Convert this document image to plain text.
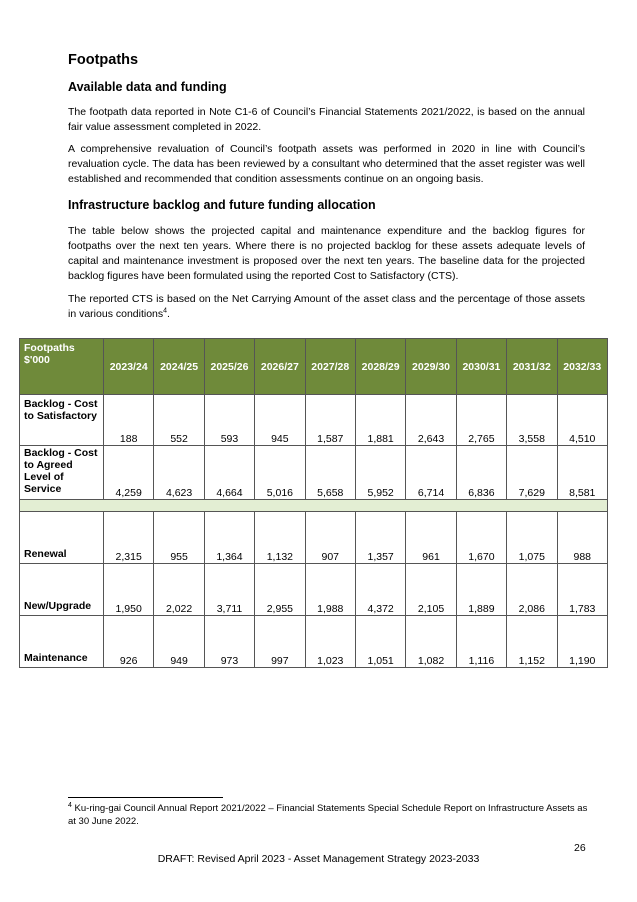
Footpaths
Available data and funding

The footpath data reported in Note C1-6 of Council’s Financial Statements 2021/2022, is based on the annual fair value assessment completed in 2022.

A comprehensive revaluation of Council’s footpath assets was performed in 2020 in line with Council’s revaluation cycle. The data has been reviewed by a consultant who determined that the asset register was well established and recommended that condition assessments continue on an ongoing basis.

Infrastructure backlog and future funding allocation

The table below shows the projected capital and maintenance expenditure and the backlog figures for footpaths over the next ten years. Where there is no projected backlog for these assets adequate levels of capital and maintenance investment is proposed over the next ten years. The baseline data for the projected backlog figures have been formulated using the reported Cost to Satisfactory (CTS).

The reported CTS is based on the Net Carrying Amount of the asset class and the percentage of those assets in various conditions$^4$.

Footpaths
$'000	2023/24	2024/25	2025/26	2026/27	2027/28	2028/29	2029/30	2030/31	2031/32	2032/33
Backlog - Cost to Satisfactory	188	552	593	945	1,587	1,881	2,643	2,765	3,558	4,510
Backlog - Cost to Agreed Level of Service	4,259	4,623	4,664	5,016	5,658	5,952	6,714	6,836	7,629	8,581

Renewal	2,315	955	1,364	1,132	907	1,357	961	1,670	1,075	988
New/Upgrade	1,950	2,022	3,711	2,955	1,988	4,372	2,105	1,889	2,086	1,783
Maintenance	926	949	973	997	1,023	1,051	1,082	1,116	1,152	1,190
$^4$ Ku-ring-gai Council Annual Report 2021/2022 – Financial Statements Special Schedule Report on Infrastructure Assets as at 30 June 2022.
26
DRAFT: Revised April 2023 - Asset Management Strategy 2023-2033
